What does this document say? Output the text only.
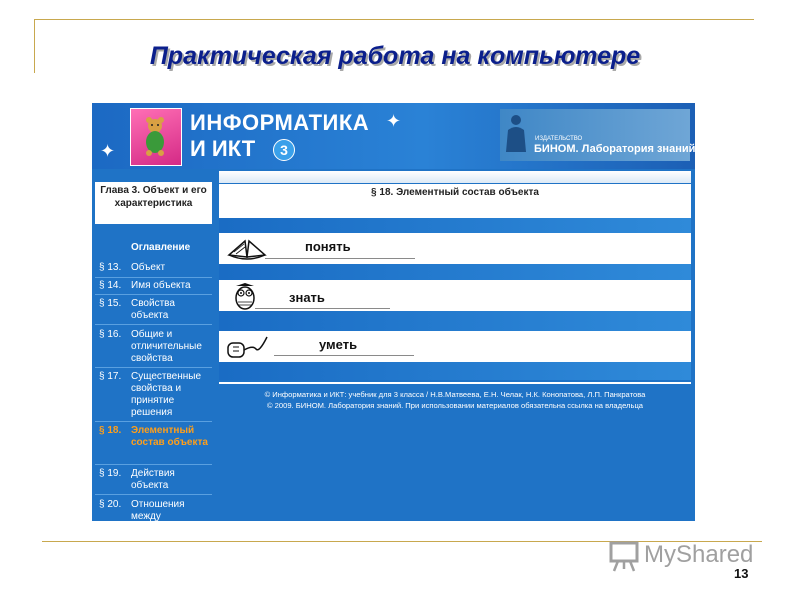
Практическая работа на компьютере
✦
✦
ИНФОРМАТИКА
И ИКТ	3
ИЗДАТЕЛЬСТВО
БИНОМ. Лаборатория знаний
Глава 3. Объект и его характеристика
Оглавление
§ 13. Объект
§ 14. Имя объекта
§ 15. Свойства объекта
§ 16. Общие и отличительные свойства
§ 17. Существенные свойства и принятие решения
§ 18. Элементный состав объекта
§ 19. Действия объекта
§ 20. Отношения между
§ 18. Элементный состав объекта
понять
знать
уметь
© Информатика и ИКТ: учебник для 3 класса / Н.В.Матвеева, Е.Н. Челак, Н.К. Конопатова, Л.П. Панкратова
© 2009. БИНОМ. Лаборатория знаний. При использовании материалов обязательна ссылка на владельца
MyShared
13
